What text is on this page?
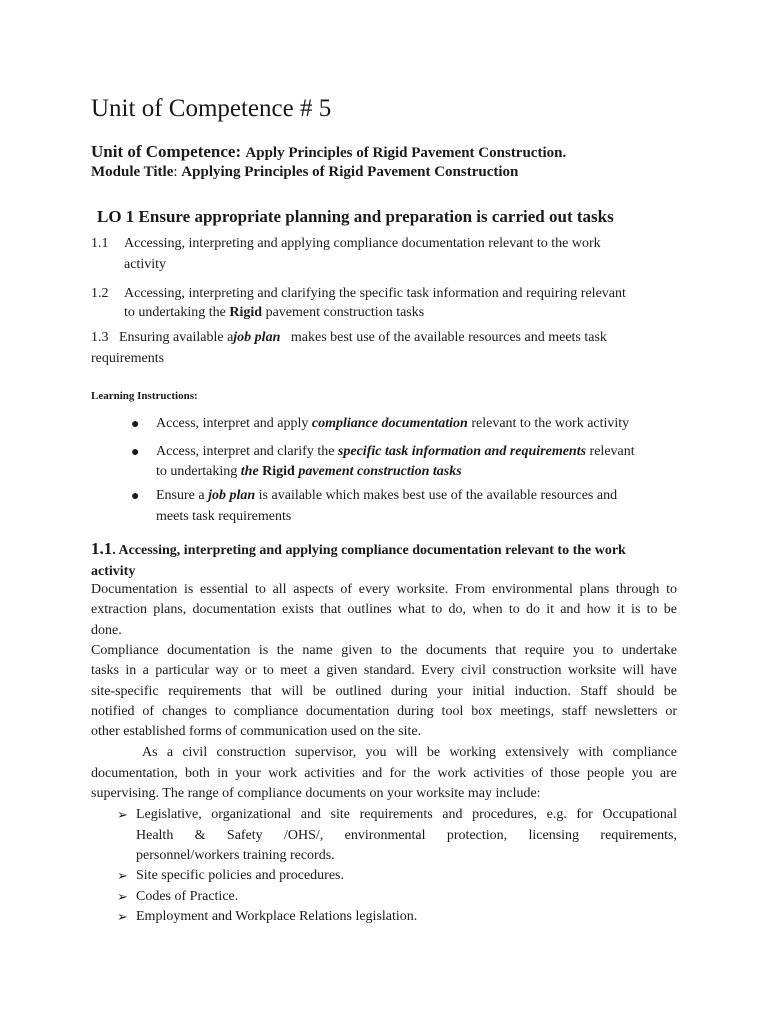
Unit of Competence # 5
Unit of Competence: Apply Principles of Rigid Pavement Construction.
Module Title: Applying Principles of Rigid Pavement Construction
LO 1 Ensure appropriate planning and preparation is carried out tasks
1.1 Accessing, interpreting and applying compliance documentation relevant to the work
activity
1.2 Accessing, interpreting and clarifying the specific task information and requiring relevant
to undertaking the Rigid pavement construction tasks
1.3 Ensuring available ajob plan   makes best use of the available resources and meets task
requirements
Learning Instructions:
● Access, interpret and apply compliance documentation relevant to the work activity
● Access, interpret and clarify the specific task information and requirements relevant
to undertaking the Rigid pavement construction tasks
● Ensure a job plan is available which makes best use of the available resources and
meets task requirements
1.1. Accessing, interpreting and applying compliance documentation relevant to the work
activity
Documentation is essential to all aspects of every worksite. From environmental plans through to
extraction plans, documentation exists that outlines what to do, when to do it and how it is to be
done.
Compliance documentation is the name given to the documents that require you to undertake
tasks in a particular way or to meet a given standard. Every civil construction worksite will have
site-specific requirements that will be outlined during your initial induction. Staff should be
notified of changes to compliance documentation during tool box meetings, staff newsletters or
other established forms of communication used on the site.
As a civil construction supervisor, you will be working extensively with compliance
documentation, both in your work activities and for the work activities of those people you are
supervising. The range of compliance documents on your worksite may include:
➢ Legislative, organizational and site requirements and procedures, e.g. for Occupational
Health & Safety /OHS/, environmental protection, licensing requirements,
personnel/workers training records.
➢ Site specific policies and procedures.
➢ Codes of Practice.
➢ Employment and Workplace Relations legislation.
